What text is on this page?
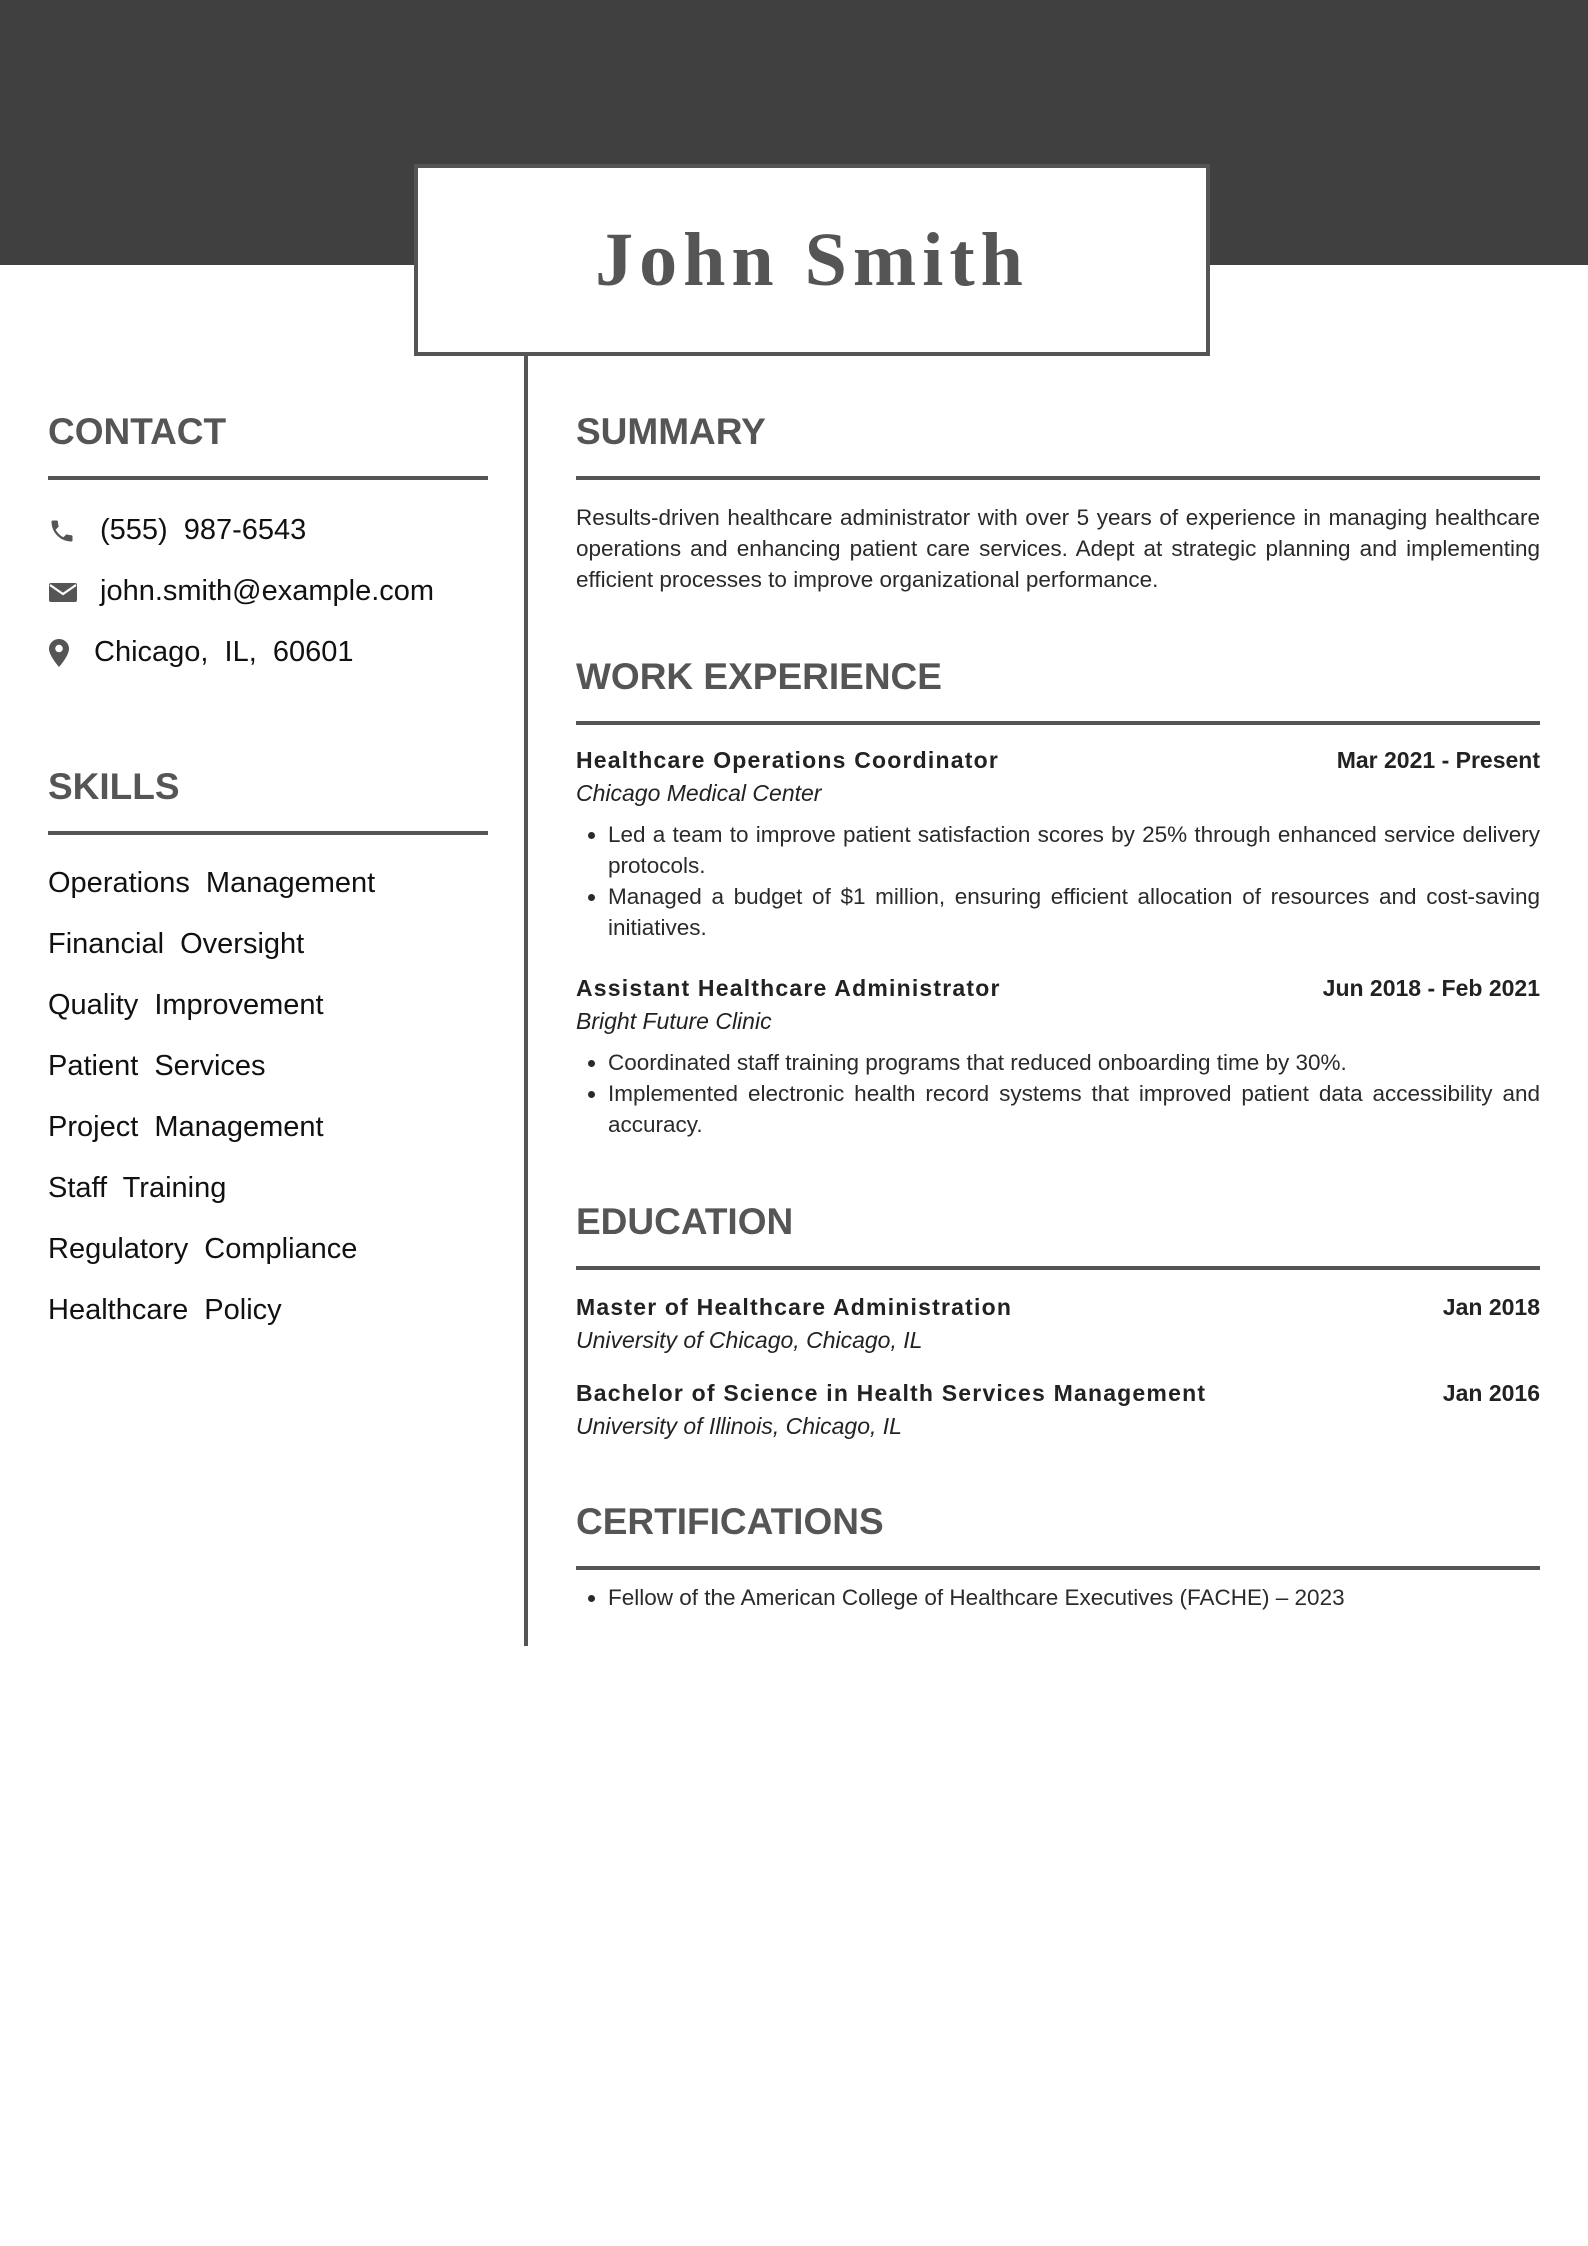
John Smith
CONTACT
(555) 987-6543
john.smith@example.com
Chicago, IL, 60601
SKILLS
Operations Management
Financial Oversight
Quality Improvement
Patient Services
Project Management
Staff Training
Regulatory Compliance
Healthcare Policy
SUMMARY
Results-driven healthcare administrator with over 5 years of experience in managing healthcare operations and enhancing patient care services. Adept at strategic planning and implementing efficient processes to improve organizational performance.
WORK EXPERIENCE
Healthcare Operations Coordinator	Mar 2021 - Present
Chicago Medical Center
• Led a team to improve patient satisfaction scores by 25% through enhanced service delivery protocols.
• Managed a budget of $1 million, ensuring efficient allocation of resources and cost-saving initiatives.
Assistant Healthcare Administrator	Jun 2018 - Feb 2021
Bright Future Clinic
• Coordinated staff training programs that reduced onboarding time by 30%.
• Implemented electronic health record systems that improved patient data accessibility and accuracy.
EDUCATION
Master of Healthcare Administration	Jan 2018
University of Chicago, Chicago, IL
Bachelor of Science in Health Services Management	Jan 2016
University of Illinois, Chicago, IL
CERTIFICATIONS
• Fellow of the American College of Healthcare Executives (FACHE) – 2023
